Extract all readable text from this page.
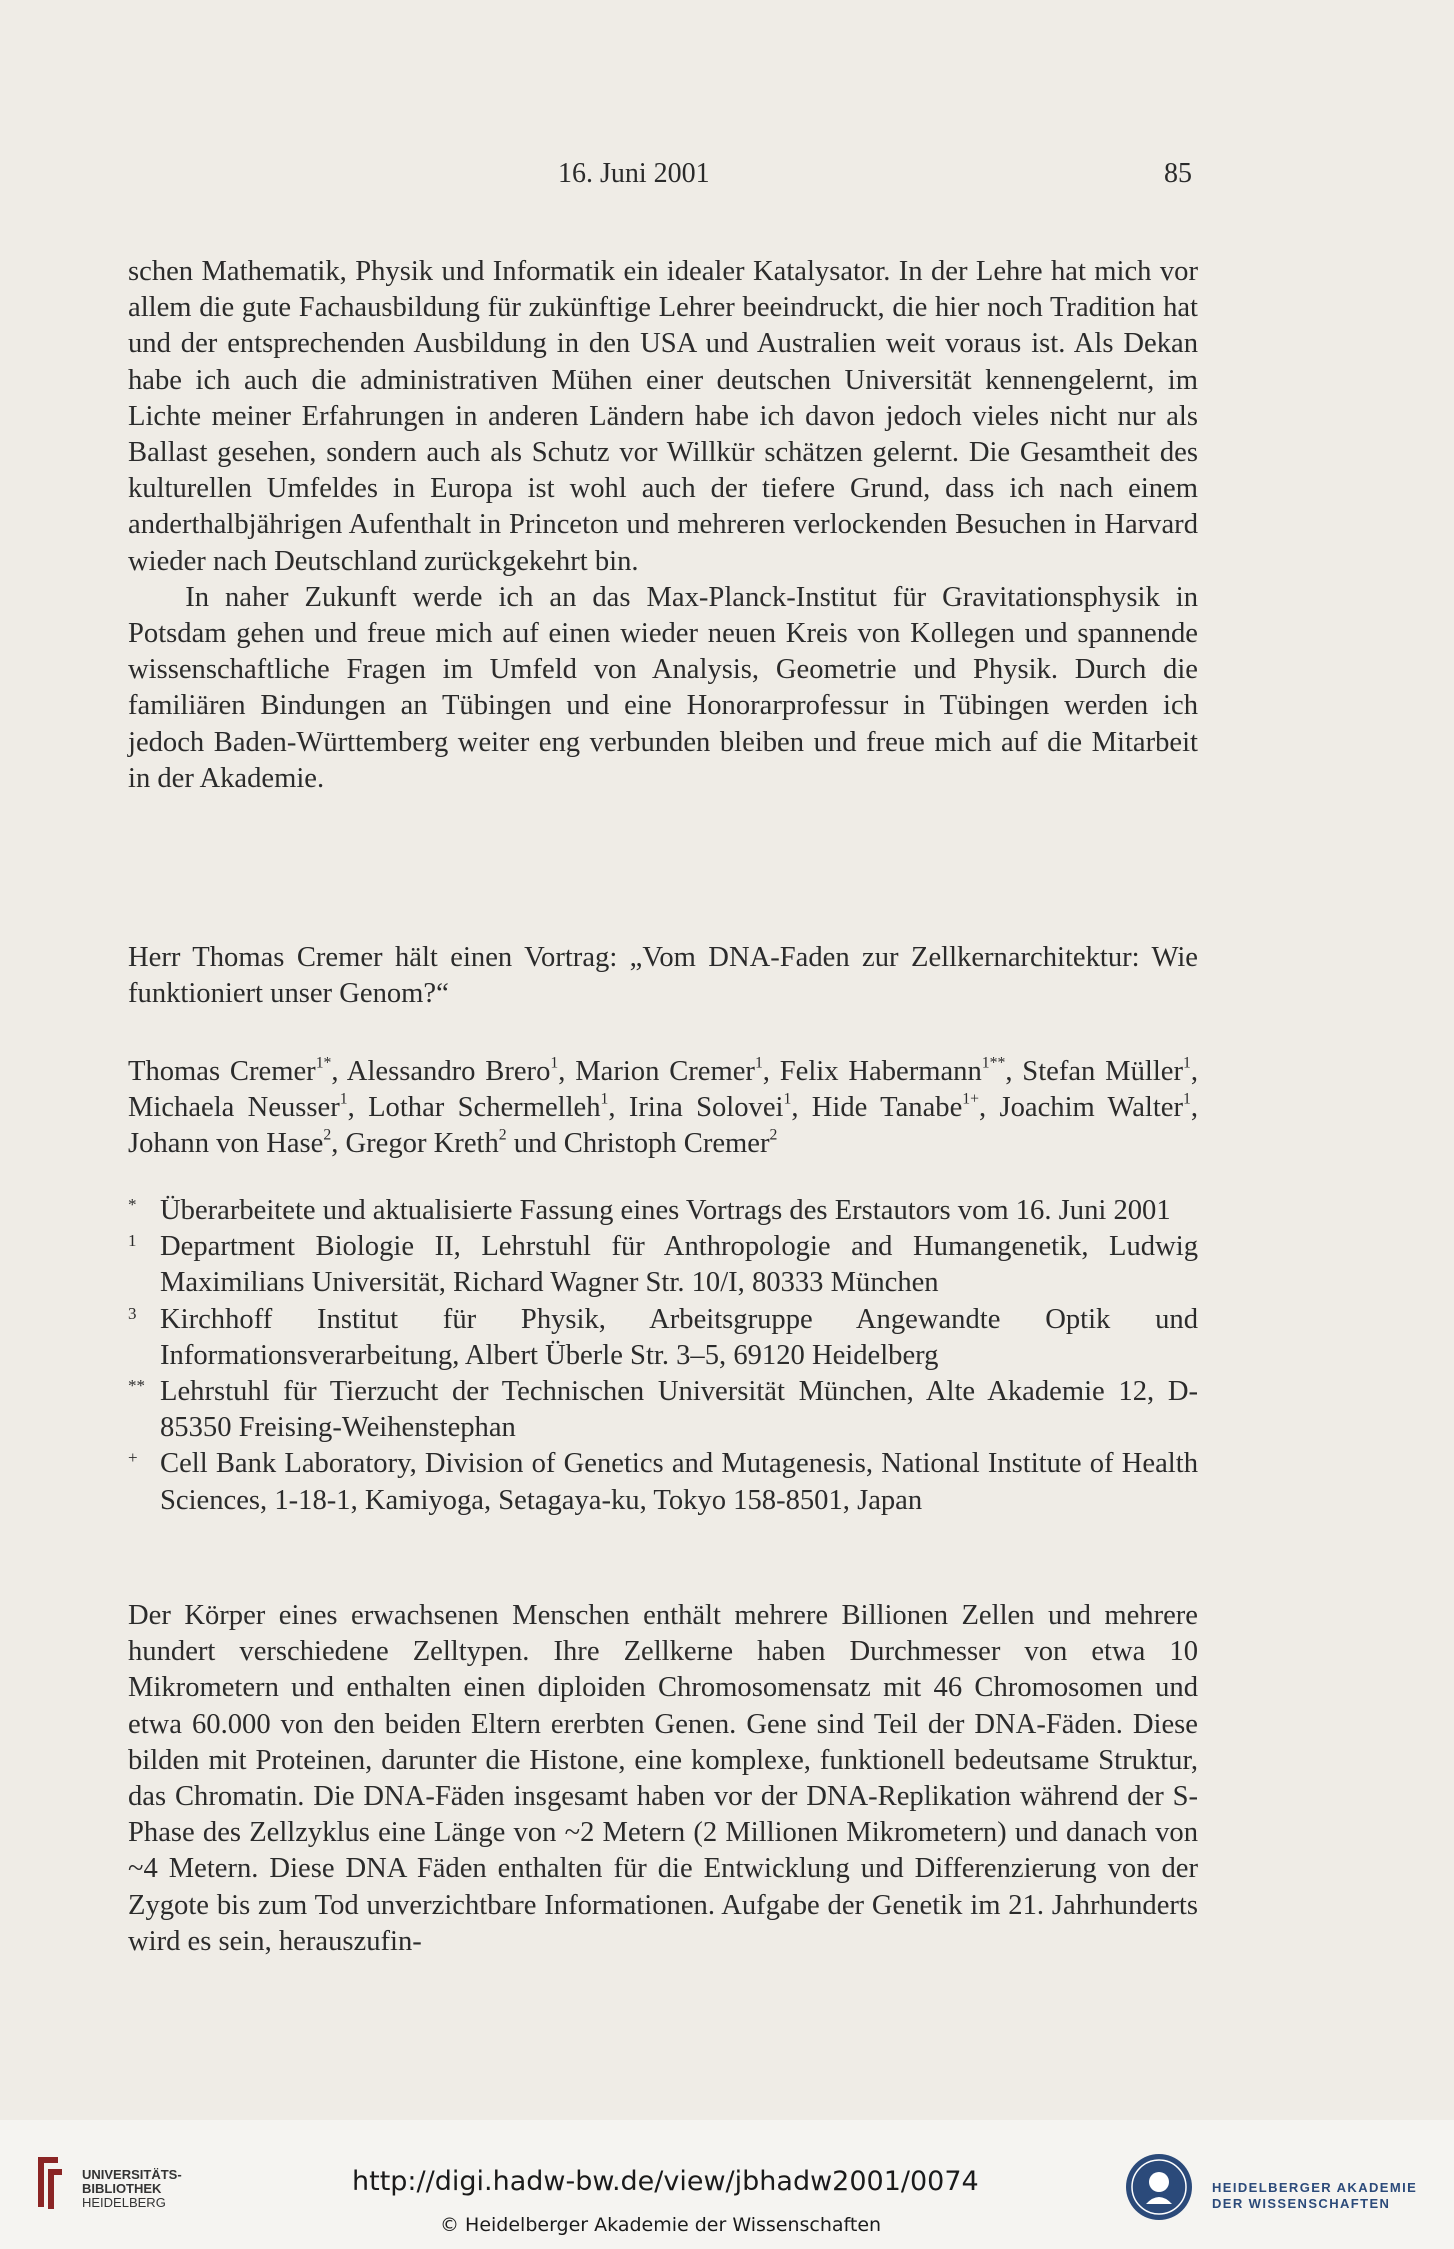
16. Juni 2001	85

schen Mathematik, Physik und Informatik ein idealer Katalysator. In der Lehre hat mich vor allem die gute Fachausbildung für zukünftige Lehrer beeindruckt, die hier noch Tradition hat und der entsprechenden Ausbildung in den USA und Australien weit voraus ist. Als Dekan habe ich auch die administrativen Mühen einer deutschen Universität kennengelernt, im Lichte meiner Erfahrungen in anderen Ländern habe ich davon jedoch vieles nicht nur als Ballast gesehen, sondern auch als Schutz vor Willkür schätzen gelernt. Die Gesamtheit des kulturellen Umfeldes in Europa ist wohl auch der tiefere Grund, dass ich nach einem anderthalbjährigen Aufenthalt in Princeton und mehreren verlockenden Besuchen in Harvard wieder nach Deutschland zurückgekehrt bin.

In naher Zukunft werde ich an das Max-Planck-Institut für Gravitationsphysik in Potsdam gehen und freue mich auf einen wieder neuen Kreis von Kollegen und spannende wissenschaftliche Fragen im Umfeld von Analysis, Geometrie und Physik. Durch die familiären Bindungen an Tübingen und eine Honorarprofessur in Tübingen werden ich jedoch Baden-Württemberg weiter eng verbunden bleiben und freue mich auf die Mitarbeit in der Akademie.

Herr Thomas Cremer hält einen Vortrag: „Vom DNA-Faden zur Zellkernarchitektur: Wie funktioniert unser Genom?“

Thomas Cremer$^{1*}$, Alessandro Brero$^1$, Marion Cremer$^1$, Felix Habermann$^{1**}$, Stefan Müller$^1$, Michaela Neusser$^1$, Lothar Schermelleh$^1$, Irina Solovei$^1$, Hide Tanabe$^{1+}$, Joachim Walter$^1$, Johann von Hase$^2$, Gregor Kreth$^2$ und Christoph Cremer$^2$

* Überarbeitete und aktualisierte Fassung eines Vortrags des Erstautors vom 16. Juni 2001

1 Department Biologie II, Lehrstuhl für Anthropologie and Humangenetik, Ludwig Maximilians Universität, Richard Wagner Str. 10/I, 80333 München

3 Kirchhoff Institut für Physik, Arbeitsgruppe Angewandte Optik und Informationsverarbeitung, Albert Überle Str. 3–5, 69120 Heidelberg

** Lehrstuhl für Tierzucht der Technischen Universität München, Alte Akademie 12, D-85350 Freising-Weihenstephan

+ Cell Bank Laboratory, Division of Genetics and Mutagenesis, National Institute of Health Sciences, 1-18-1, Kamiyoga, Setagaya-ku, Tokyo 158-8501, Japan

Der Körper eines erwachsenen Menschen enthält mehrere Billionen Zellen und mehrere hundert verschiedene Zelltypen. Ihre Zellkerne haben Durchmesser von etwa 10 Mikrometern und enthalten einen diploiden Chromosomensatz mit 46 Chromosomen und etwa 60.000 von den beiden Eltern ererbten Genen. Gene sind Teil der DNA-Fäden. Diese bilden mit Proteinen, darunter die Histone, eine komplexe, funktionell bedeutsame Struktur, das Chromatin. Die DNA-Fäden insgesamt haben vor der DNA-Replikation während der S-Phase des Zellzyklus eine Länge von ~2 Metern (2 Millionen Mikrometern) und danach von ~4 Metern. Diese DNA Fäden enthalten für die Entwicklung und Differenzierung von der Zygote bis zum Tod unverzichtbare Informationen. Aufgabe der Genetik im 21. Jahrhunderts wird es sein, herauszufin-

UNIVERSITÄTS-
BIBLIOTHEK
HEIDELBERG
http://digi.hadw-bw.de/view/jbhadw2001/0074
© Heidelberger Akademie der Wissenschaften
HEIDELBERGER AKADEMIE
DER WISSENSCHAFTEN
